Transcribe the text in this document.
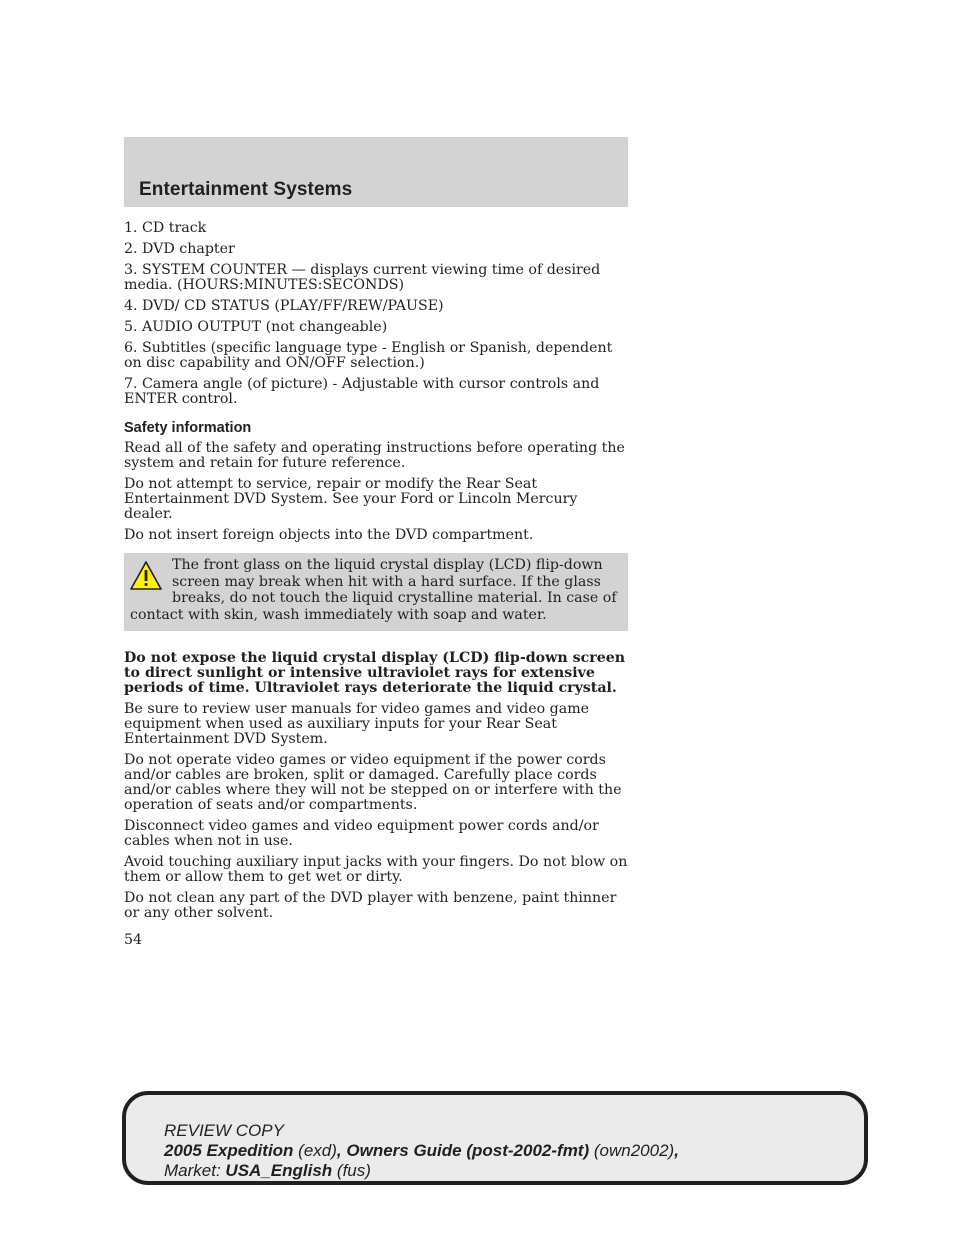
Entertainment Systems
1. CD track
2. DVD chapter
3. SYSTEM COUNTER — displays current viewing time of desired media. (HOURS:MINUTES:SECONDS)
4. DVD/ CD STATUS (PLAY/FF/REW/PAUSE)
5. AUDIO OUTPUT (not changeable)
6. Subtitles (specific language type - English or Spanish, dependent on disc capability and ON/OFF selection.)
7. Camera angle (of picture) - Adjustable with cursor controls and ENTER control.
Safety information

Read all of the safety and operating instructions before operating the system and retain for future reference.

Do not attempt to service, repair or modify the Rear Seat Entertainment DVD System. See your Ford or Lincoln Mercury dealer.

Do not insert foreign objects into the DVD compartment.

The front glass on the liquid crystal display (LCD) flip-down screen may break when hit with a hard surface. If the glass breaks, do not touch the liquid crystalline material. In case of contact with skin, wash immediately with soap and water.

Do not expose the liquid crystal display (LCD) flip-down screen to direct sunlight or intensive ultraviolet rays for extensive periods of time. Ultraviolet rays deteriorate the liquid crystal.

Be sure to review user manuals for video games and video game equipment when used as auxiliary inputs for your Rear Seat Entertainment DVD System.

Do not operate video games or video equipment if the power cords and/or cables are broken, split or damaged. Carefully place cords and/or cables where they will not be stepped on or interfere with the operation of seats and/or compartments.

Disconnect video games and video equipment power cords and/or cables when not in use.

Avoid touching auxiliary input jacks with your fingers. Do not blow on them or allow them to get wet or dirty.

Do not clean any part of the DVD player with benzene, paint thinner or any other solvent.

54
REVIEW COPY
2005 Expedition (exd), Owners Guide (post-2002-fmt) (own2002),
Market: USA_English (fus)
